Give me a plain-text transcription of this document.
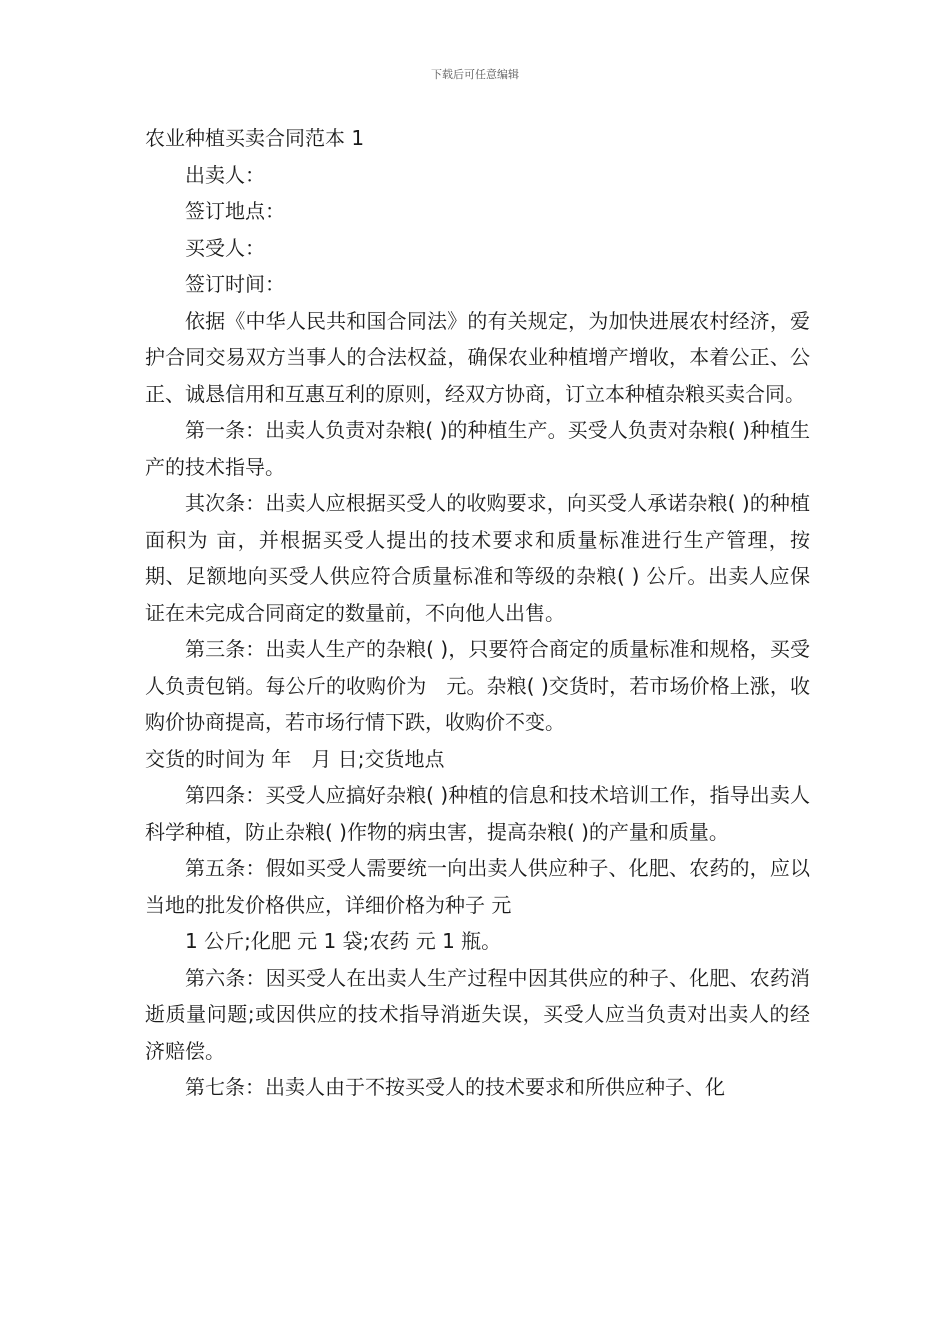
下载后可任意编辑
农业种植买卖合同范本 1

出卖人：

签订地点：

买受人：

签订时间：

依据《中华人民共和国合同法》的有关规定，为加快进展农村经济，爱护合同交易双方当事人的合法权益，确保农业种植增产增收，本着公正、公正、诚恳信用和互惠互利的原则，经双方协商，订立本种植杂粮买卖合同。

第一条：出卖人负责对杂粮( )的种植生产。买受人负责对杂粮( )种植生产的技术指导。

其次条：出卖人应根据买受人的收购要求，向买受人承诺杂粮( )的种植面积为 亩，并根据买受人提出的技术要求和质量标准进行生产管理，按期、足额地向买受人供应符合质量标准和等级的杂粮( ) 公斤。出卖人应保证在未完成合同商定的数量前，不向他人出售。

第三条：出卖人生产的杂粮( )，只要符合商定的质量标准和规格，买受人负责包销。每公斤的收购价为　元。杂粮( )交货时，若市场价格上涨，收购价协商提高，若市场行情下跌，收购价不变。

交货的时间为 年　月 日;交货地点

第四条：买受人应搞好杂粮( )种植的信息和技术培训工作，指导出卖人科学种植，防止杂粮( )作物的病虫害，提高杂粮( )的产量和质量。

第五条：假如买受人需要统一向出卖人供应种子、化肥、农药的，应以当地的批发价格供应，详细价格为种子 元

1 公斤;化肥 元 1 袋;农药 元 1 瓶。

第六条：因买受人在出卖人生产过程中因其供应的种子、化肥、农药消逝质量问题;或因供应的技术指导消逝失误，买受人应当负责对出卖人的经济赔偿。

第七条：出卖人由于不按买受人的技术要求和所供应种子、化
